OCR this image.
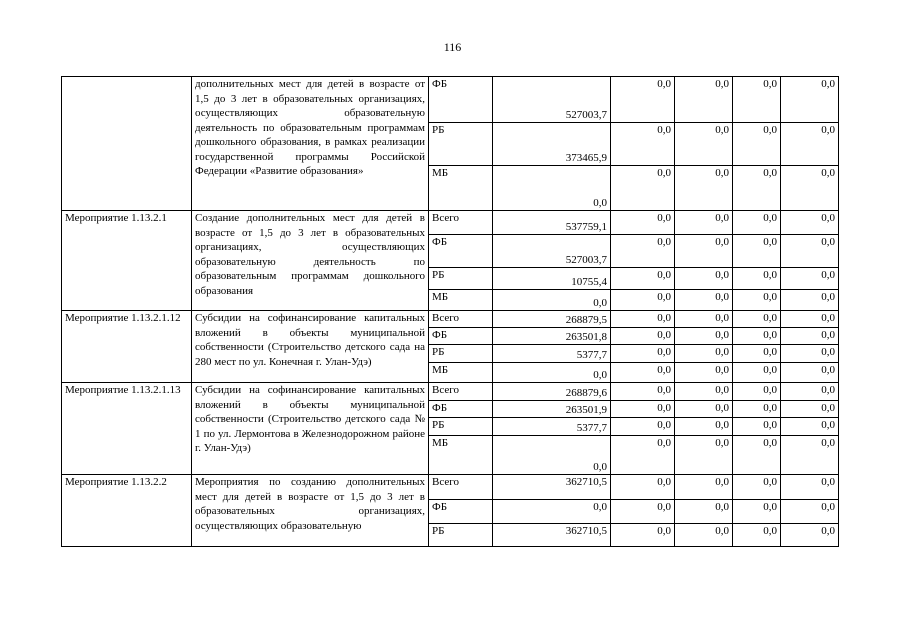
116
	дополнительных мест для детей в возрасте от 1,5 до 3 лет в образовательных организациях, осуществляющих образовательную деятельность по образовательным программам дошкольного образования, в рамках реализации государственной программы Российской Федерации «Развитие образования»	ФБ	527003,7	0,0	0,0	0,0	0,0
		РБ	373465,9	0,0	0,0	0,0	0,0
		МБ	0,0	0,0	0,0	0,0	0,0
Мероприятие 1.13.2.1	Создание дополнительных мест для детей в возрасте от 1,5 до 3 лет в образовательных организациях, осуществляющих образовательную деятельность по образовательным программам дошкольного образования	Всего	537759,1	0,0	0,0	0,0	0,0
		ФБ	527003,7	0,0	0,0	0,0	0,0
		РБ	10755,4	0,0	0,0	0,0	0,0
		МБ	0,0	0,0	0,0	0,0	0,0
Мероприятие 1.13.2.1.12	Субсидии на софинансирование капитальных вложений в объекты муниципальной собственности (Строительство детского сада на 280 мест по ул. Конечная г. Улан-Удэ)	Всего	268879,5	0,0	0,0	0,0	0,0
		ФБ	263501,8	0,0	0,0	0,0	0,0
		РБ	5377,7	0,0	0,0	0,0	0,0
		МБ	0,0	0,0	0,0	0,0	0,0
Мероприятие 1.13.2.1.13	Субсидии на софинансирование капитальных вложений в объекты муниципальной собственности (Строительство детского сада № 1 по ул. Лермонтова в Железнодорожном районе г. Улан-Удэ)	Всего	268879,6	0,0	0,0	0,0	0,0
		ФБ	263501,9	0,0	0,0	0,0	0,0
		РБ	5377,7	0,0	0,0	0,0	0,0
		МБ	0,0	0,0	0,0	0,0	0,0
Мероприятие 1.13.2.2	Мероприятия по созданию дополнительных мест для детей в возрасте от 1,5 до 3 лет в образовательных организациях, осуществляющих образовательную	Всего	362710,5	0,0	0,0	0,0	0,0
		ФБ	0,0	0,0	0,0	0,0	0,0
		РБ	362710,5	0,0	0,0	0,0	0,0
